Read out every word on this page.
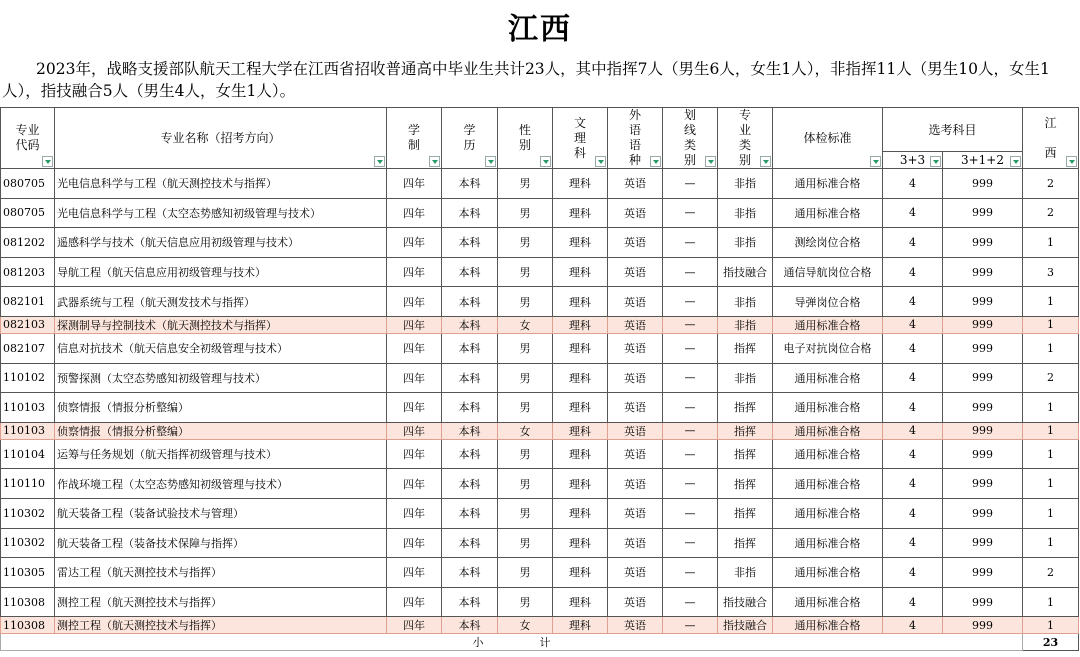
江西
2023年，战略支援部队航天工程大学在江西省招收普通高中毕业生共计23人，其中指挥7人（男生6人，女生1人），非指挥11人（男生10人，女生1人），指技融合5人（男生4人，女生1人）。
专业代码	专业名称（招考方向）	学制	学历	性别	文理科	外语语种	划线类别	专业类别	体检标准	选考科目		江西

										3+3	3+1+2	

080705	光电信息科学与工程（航天测控技术与指挥）	四年	本科	男	理科	英语	—	非指	通用标准合格	4	999	2
080705	光电信息科学与工程（太空态势感知初级管理与技术）	四年	本科	男	理科	英语	—	非指	通用标准合格	4	999	2
081202	遥感科学与技术（航天信息应用初级管理与技术）	四年	本科	男	理科	英语	—	非指	测绘岗位合格	4	999	1
081203	导航工程（航天信息应用初级管理与技术）	四年	本科	男	理科	英语	—	指技融合	通信导航岗位合格	4	999	3
082101	武器系统与工程（航天测发技术与指挥）	四年	本科	男	理科	英语	—	非指	导弹岗位合格	4	999	1
082103	探测制导与控制技术（航天测控技术与指挥）	四年	本科	女	理科	英语	—	非指	通用标准合格	4	999	1
082107	信息对抗技术（航天信息安全初级管理与技术）	四年	本科	男	理科	英语	—	指挥	电子对抗岗位合格	4	999	1
110102	预警探测（太空态势感知初级管理与技术）	四年	本科	男	理科	英语	—	非指	通用标准合格	4	999	2
110103	侦察情报（情报分析整编）	四年	本科	男	理科	英语	—	指挥	通用标准合格	4	999	1
110103	侦察情报（情报分析整编）	四年	本科	女	理科	英语	—	指挥	通用标准合格	4	999	1
110104	运筹与任务规划（航天指挥初级管理与技术）	四年	本科	男	理科	英语	—	指挥	通用标准合格	4	999	1
110110	作战环境工程（太空态势感知初级管理与技术）	四年	本科	男	理科	英语	—	指挥	通用标准合格	4	999	1
110302	航天装备工程（装备试验技术与管理）	四年	本科	男	理科	英语	—	指挥	通用标准合格	4	999	1
110302	航天装备工程（装备技术保障与指挥）	四年	本科	男	理科	英语	—	指挥	通用标准合格	4	999	1
110305	雷达工程（航天测控技术与指挥）	四年	本科	男	理科	英语	—	非指	通用标准合格	4	999	2
110308	测控工程（航天测控技术与指挥）	四年	本科	男	理科	英语	—	指技融合	通用标准合格	4	999	1
110308	测控工程（航天测控技术与指挥）	四年	本科	女	理科	英语	—	指技融合	通用标准合格	4	999	1
小 计												23
